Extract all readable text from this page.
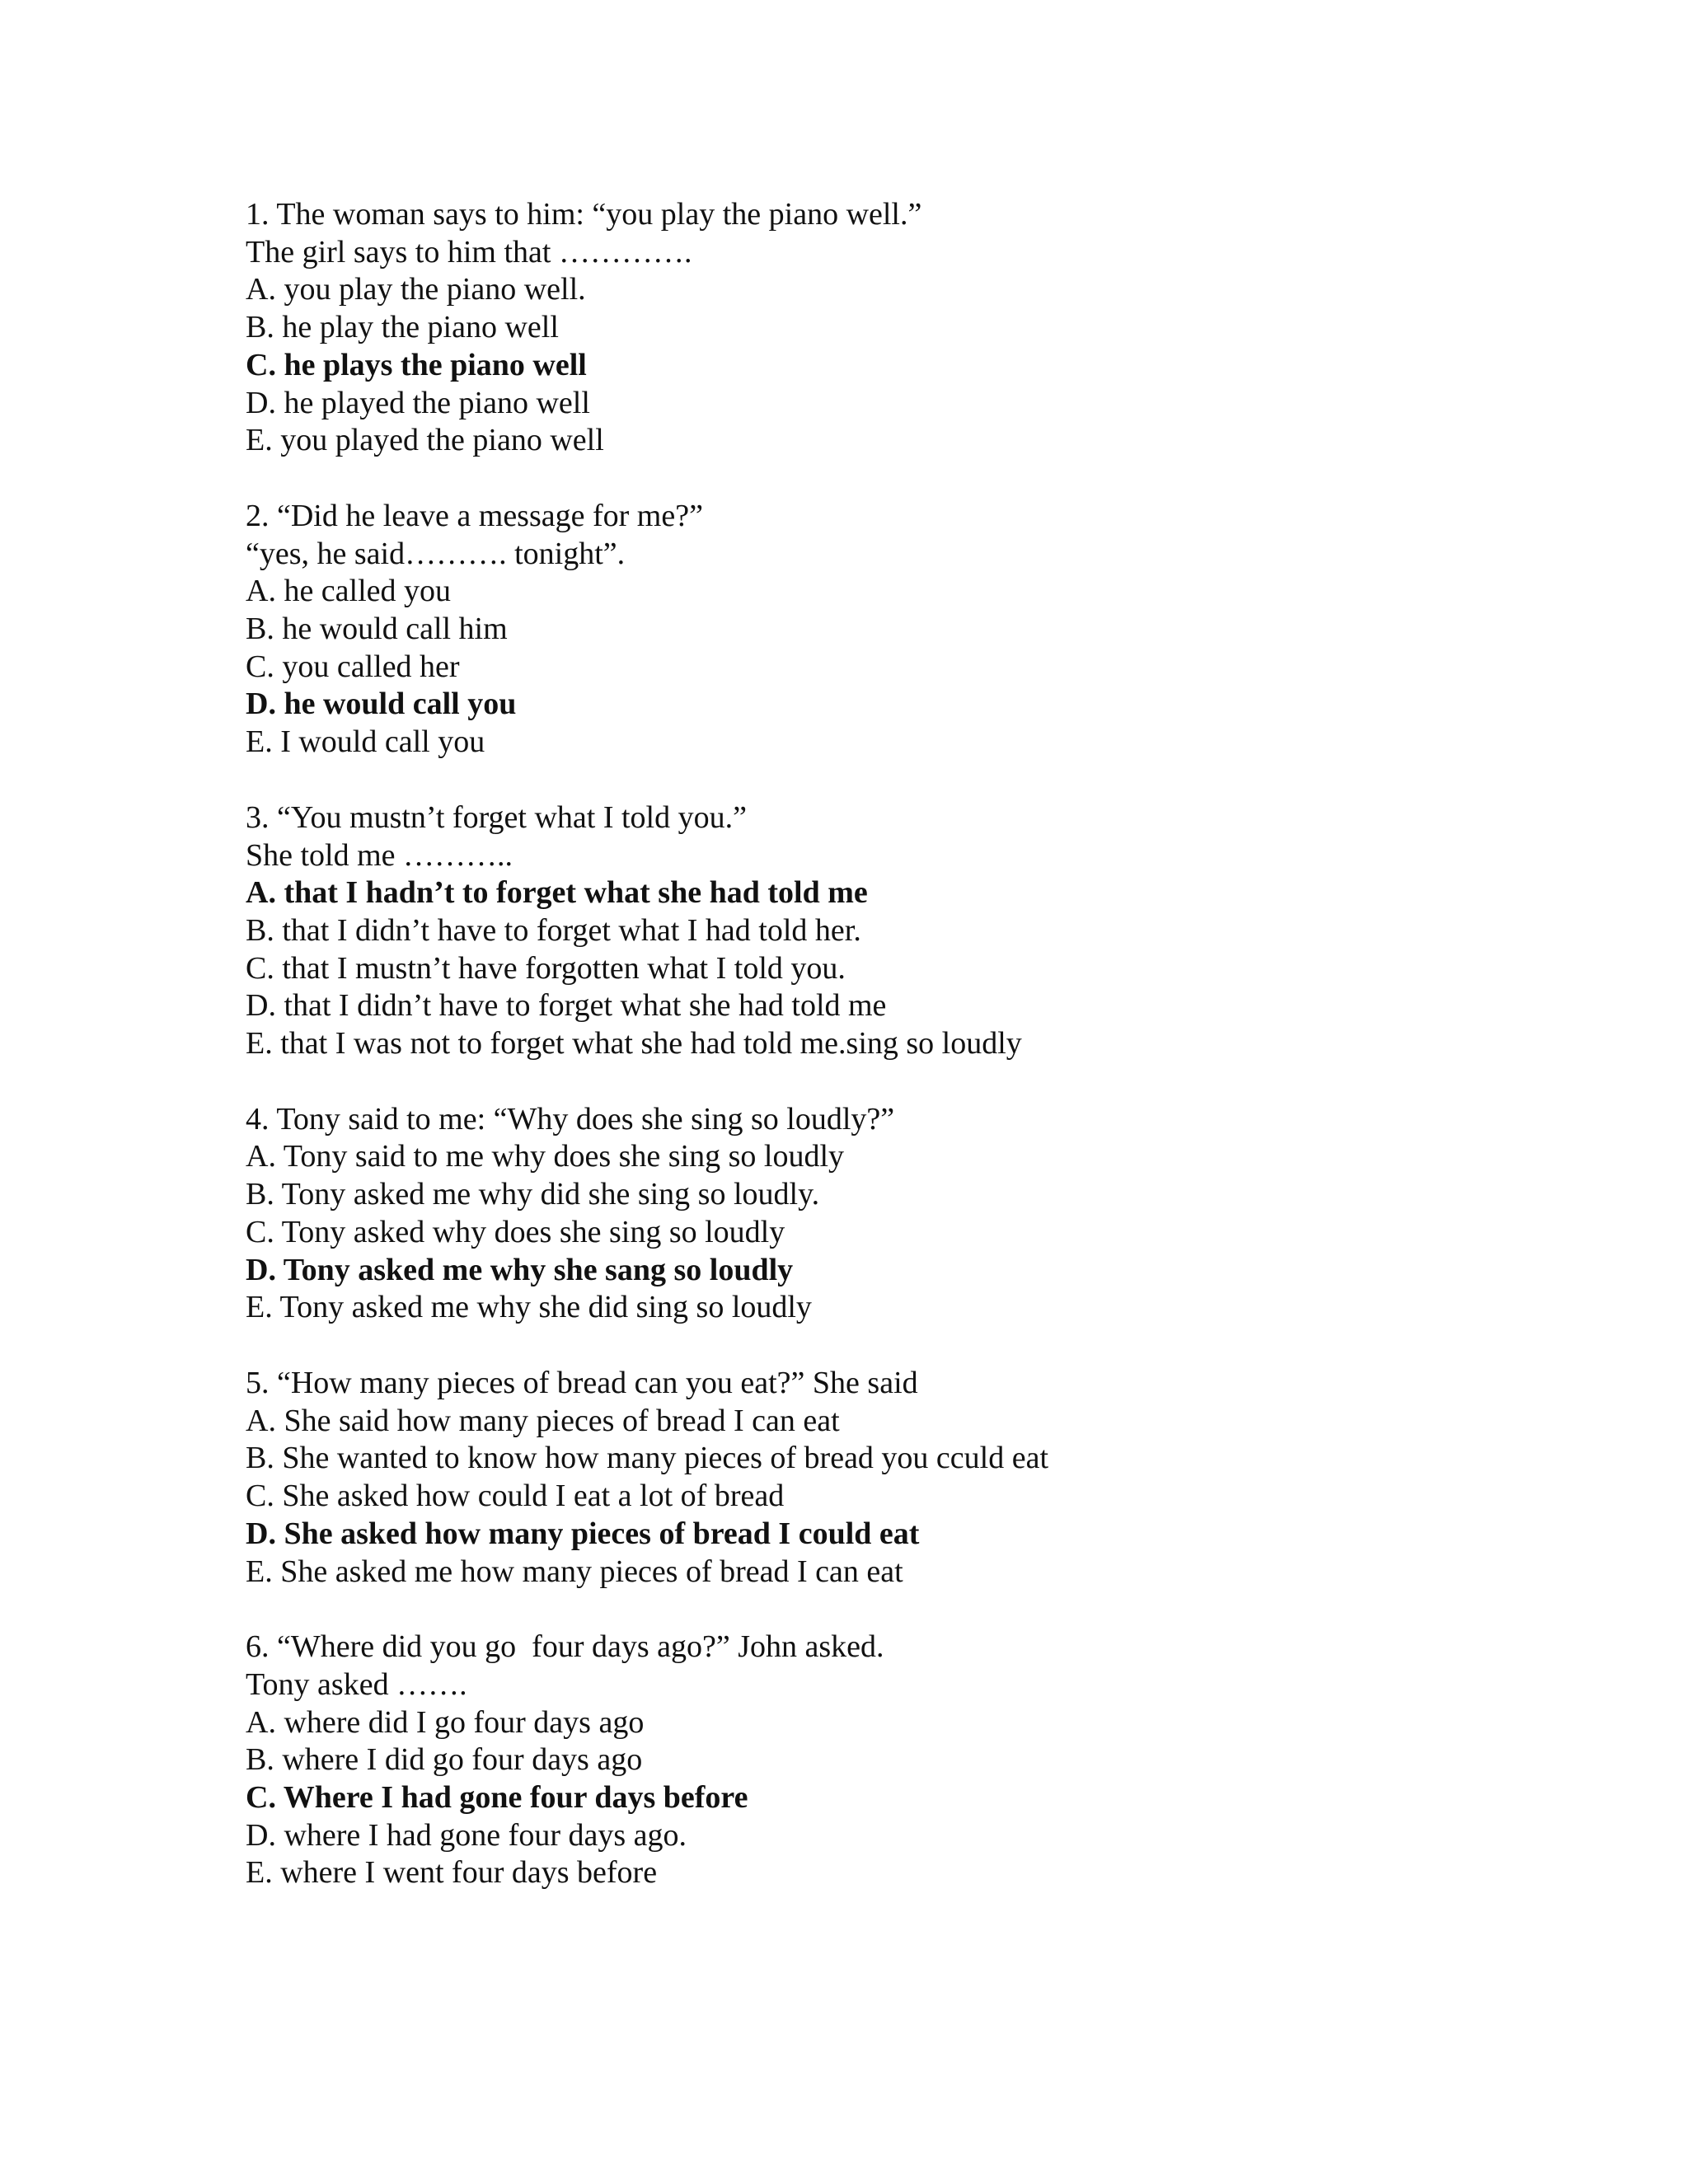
1. The woman says to him: “you play the piano well.”

The girl says to him that ………….

A. you play the piano well.

B. he play the piano well

C. he plays the piano well

D. he played the piano well

E. you played the piano well

2. “Did he leave a message for me?”

“yes, he said………. tonight”.

A. he called you

B. he would call him

C. you called her

D. he would call you

E. I would call you

3. “You mustn’t forget what I told you.”

She told me ………..

A. that I hadn’t to forget what she had told me

B. that I didn’t have to forget what I had told her.

C. that I mustn’t have forgotten what I told you.

D. that I didn’t have to forget what she had told me

E. that I was not to forget what she had told me.sing so loudly

4. Tony said to me: “Why does she sing so loudly?”

A. Tony said to me why does she sing so loudly

B. Tony asked me why did she sing so loudly.

C. Tony asked why does she sing so loudly

D. Tony asked me why she sang so loudly

E. Tony asked me why she did sing so loudly

5. “How many pieces of bread can you eat?” She said

A. She said how many pieces of bread I can eat

B. She wanted to know how many pieces of bread you cculd eat

C. She asked how could I eat a lot of bread

D. She asked how many pieces of bread I could eat

E. She asked me how many pieces of bread I can eat

6. “Where did you go  four days ago?” John asked.

Tony asked …….

A. where did I go four days ago

B. where I did go four days ago

C. Where I had gone four days before

D. where I had gone four days ago.

E. where I went four days before
